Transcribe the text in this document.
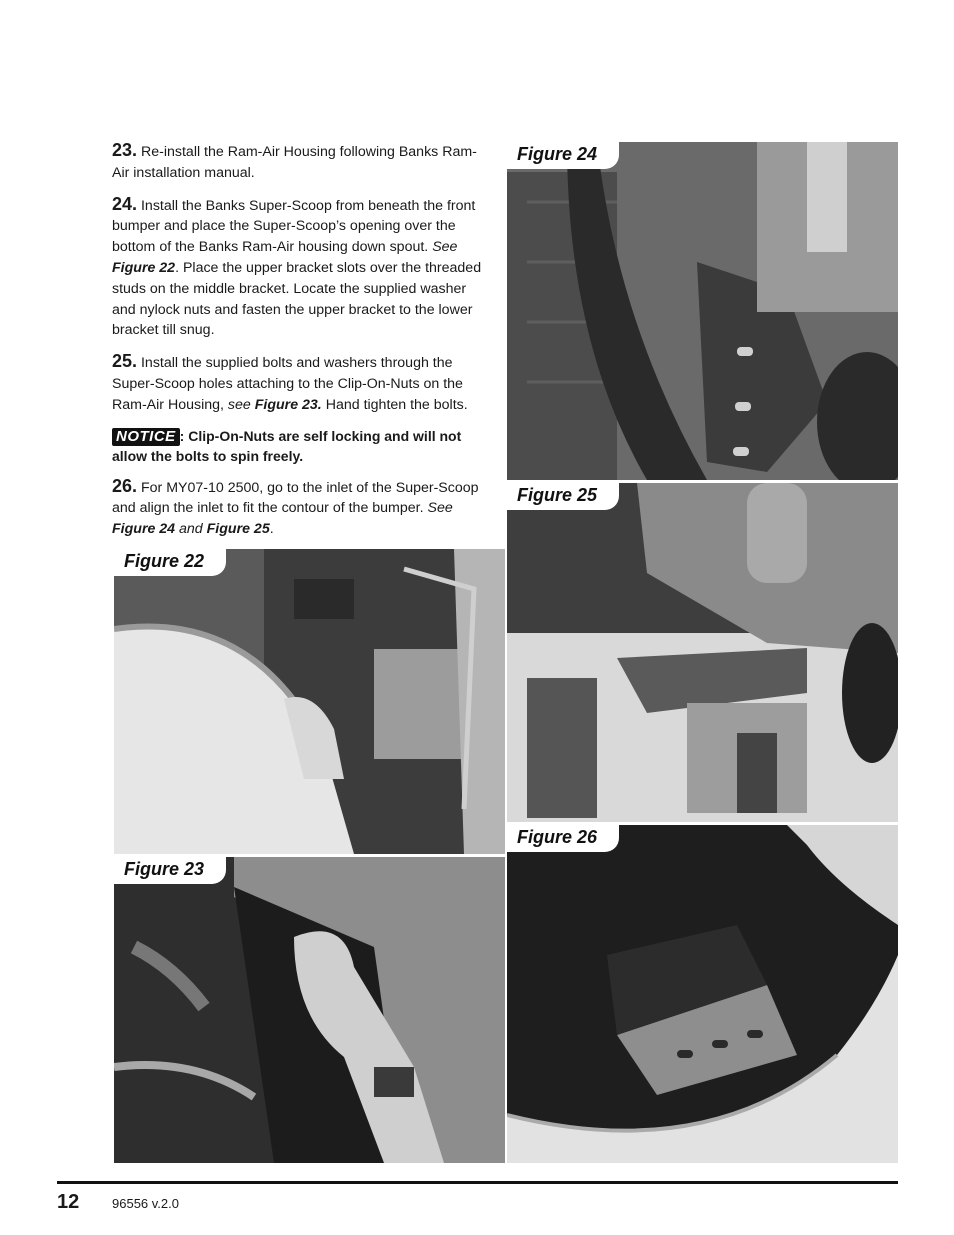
23. Re-install the Ram-Air Housing following Banks Ram-Air installation manual.

24. Install the Banks Super-Scoop from beneath the front bumper and place the Super-Scoop’s opening over the bottom of the Banks Ram-Air housing down spout. See Figure 22. Place the upper bracket slots over the threaded studs on the middle bracket. Locate the supplied washer and nylock nuts and fasten the upper bracket to the lower bracket till snug.

25. Install the supplied bolts and washers through the Super-Scoop holes attaching to the Clip-On-Nuts on the Ram-Air Housing, see Figure 23. Hand tighten the bolts.

NOTICE : Clip-On-Nuts are self locking and will not allow the bolts to spin freely.

26. For MY07-10 2500, go to the inlet of the Super-Scoop and align the inlet to fit the contour of the bumper. See Figure 24 and Figure 25.

Figure 22
Figure 23
Figure 24
Figure 25
Figure 26
12	96556 v.2.0
